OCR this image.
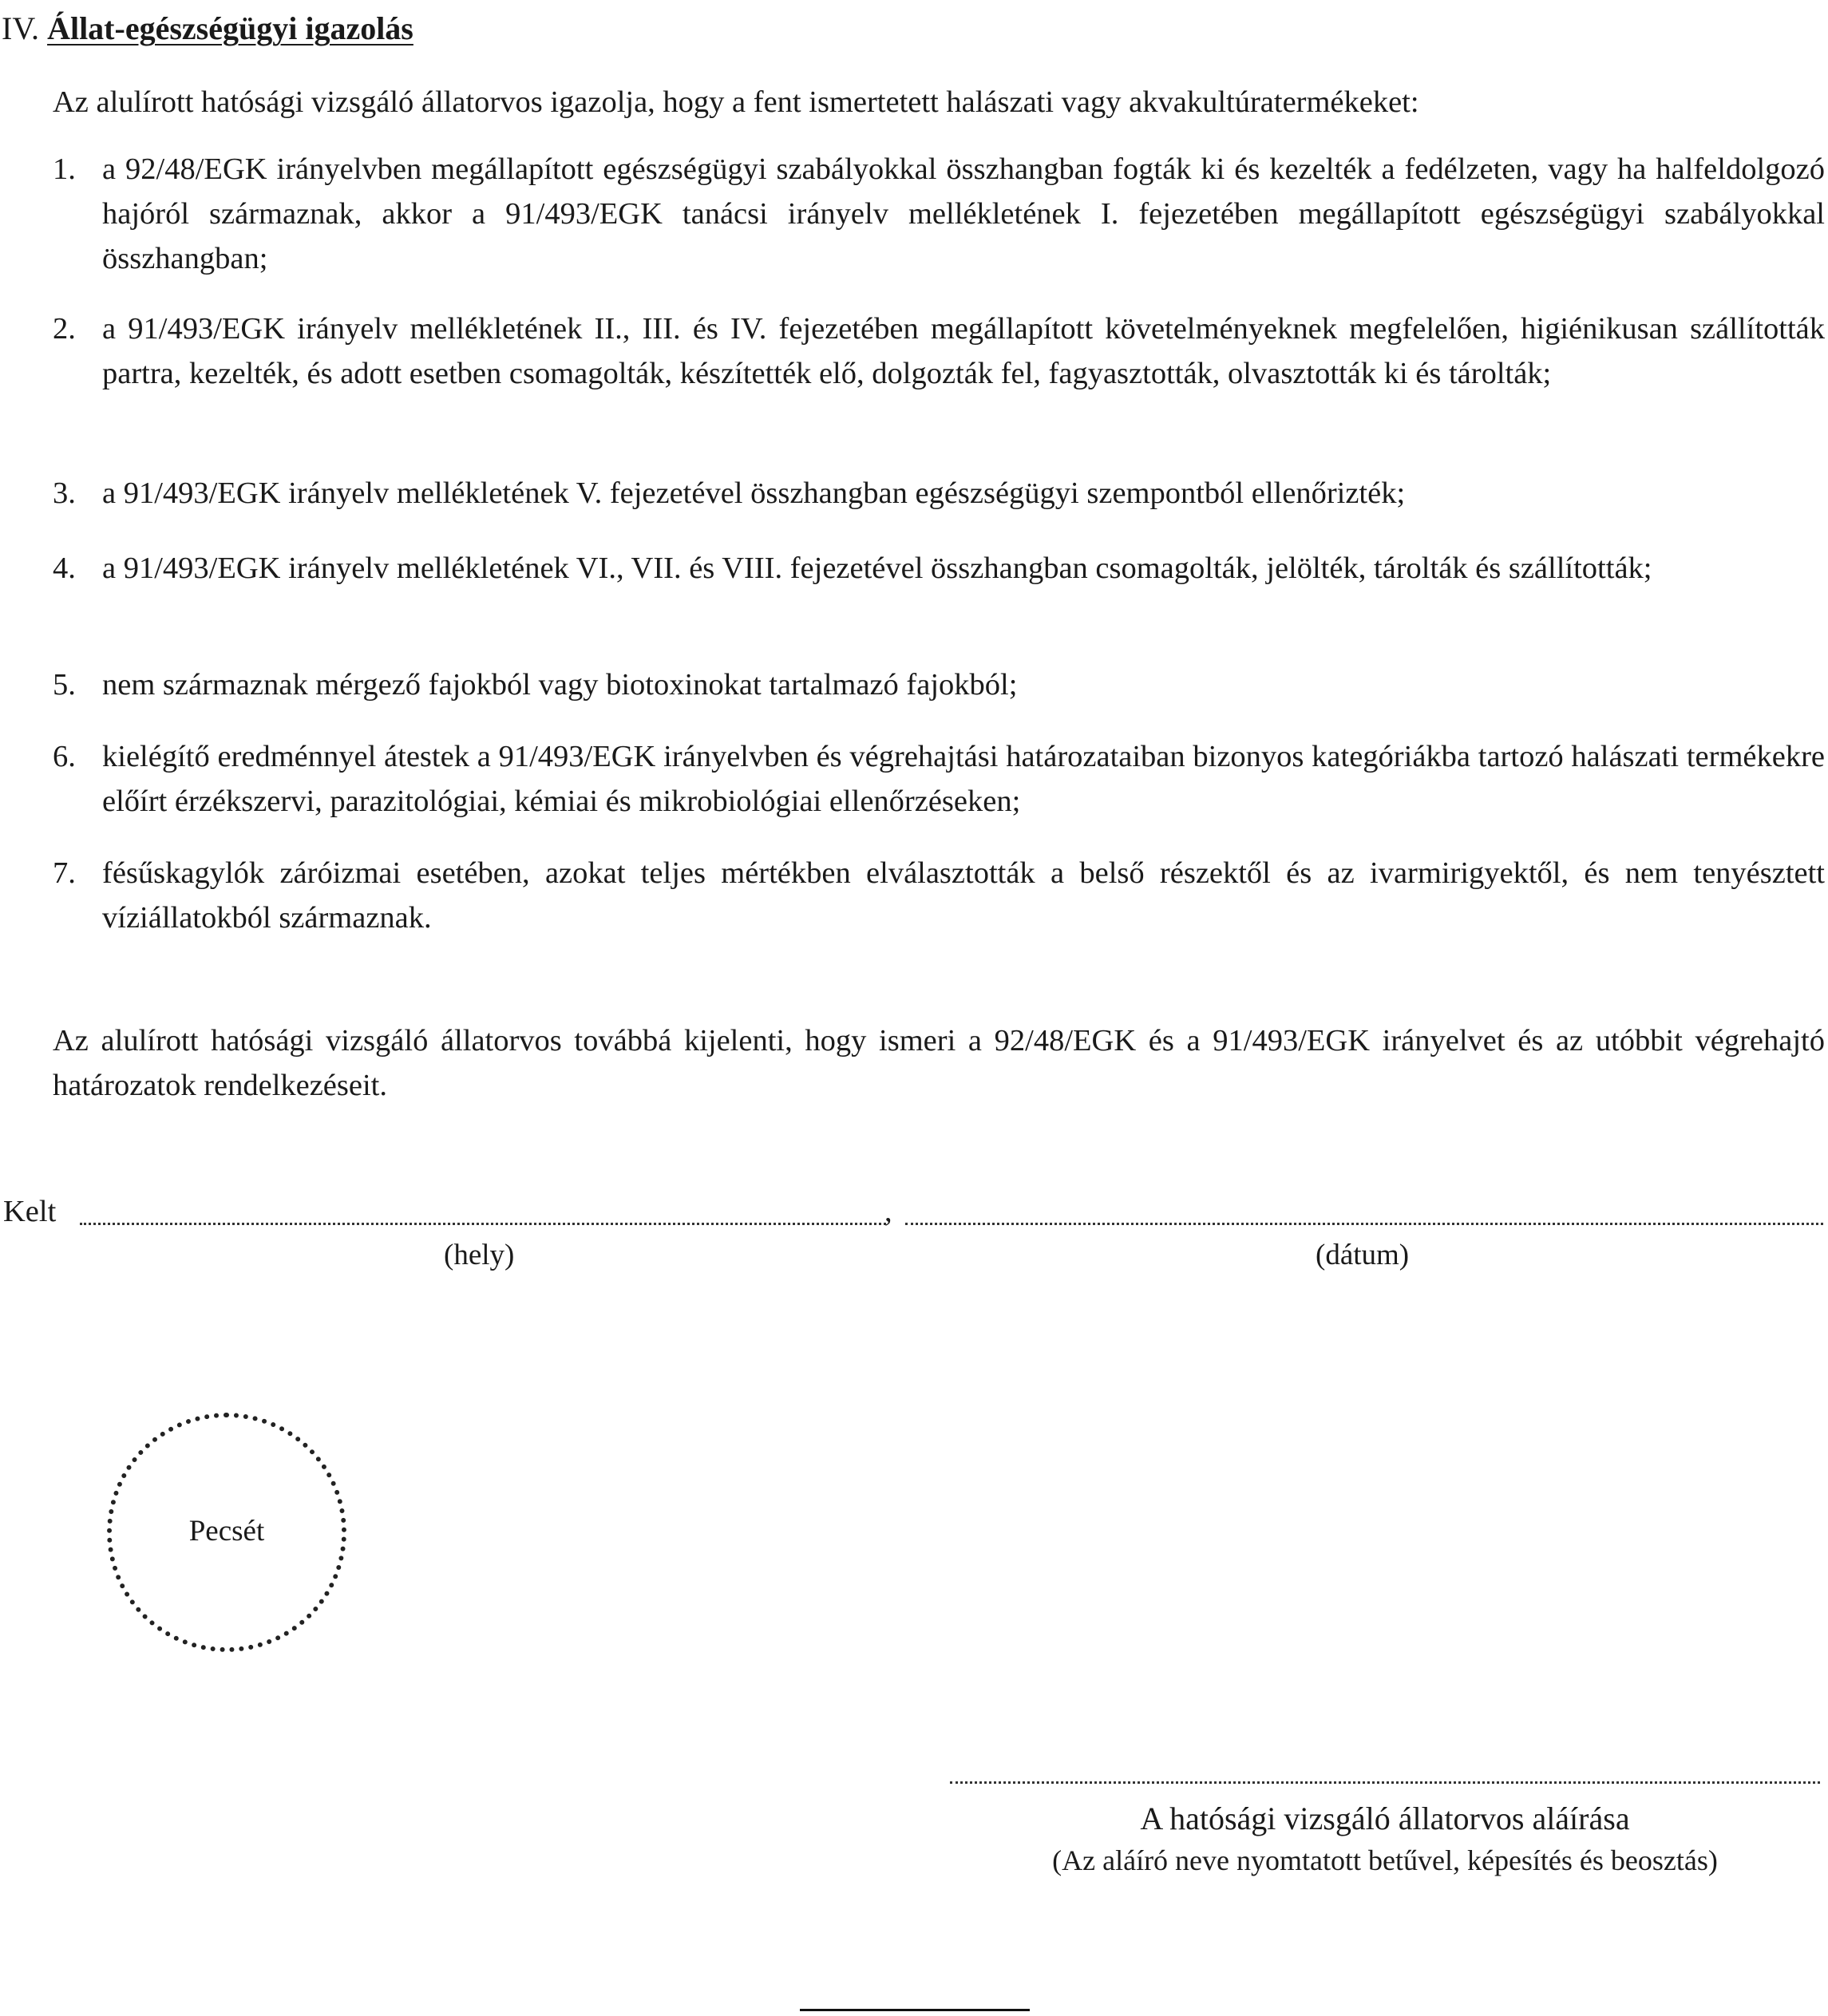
IV. Állat-egészségügyi igazolás
Az alulírott hatósági vizsgáló állatorvos igazolja, hogy a fent ismertetett halászati vagy akvakultúratermékeket:
1. a 92/48/EGK irányelvben megállapított egészségügyi szabályokkal összhangban fogták ki és kezelték a fedélzeten, vagy ha halfeldolgozó hajóról származnak, akkor a 91/493/EGK tanácsi irányelv mellékletének I. fejezetében megállapított egészségügyi szabályokkal összhangban;
2. a 91/493/EGK irányelv mellékletének II., III. és IV. fejezetében megállapított követelményeknek megfelelően, higiénikusan szállították partra, kezelték, és adott esetben csomagolták, készítették elő, dolgozták fel, fagyasztották, olvasztották ki és tárolták;
3. a 91/493/EGK irányelv mellékletének V. fejezetével összhangban egészségügyi szempontból ellenőrizték;
4. a 91/493/EGK irányelv mellékletének VI., VII. és VIII. fejezetével összhangban csomagolták, jelölték, tárolták és szállították;
5. nem származnak mérgező fajokból vagy biotoxinokat tartalmazó fajokból;
6. kielégítő eredménnyel átestek a 91/493/EGK irányelvben és végrehajtási határozataiban bizonyos kategóriákba tartozó halászati termékekre előírt érzékszervi, parazitológiai, kémiai és mikrobiológiai ellenőrzéseken;
7. fésűskagylók záróizmai esetében, azokat teljes mértékben elválasztották a belső részektől és az ivarmirigyektől, és nem tenyésztett víziállatokból származnak.
Az alulírott hatósági vizsgáló állatorvos továbbá kijelenti, hogy ismeri a 92/48/EGK és a 91/493/EGK irányelvet és az utóbbit végrehajtó határozatok rendelkezéseit.
Kelt	,
(hely)	(dátum)
Pecsét
A hatósági vizsgáló állatorvos aláírása
(Az aláíró neve nyomtatott betűvel, képesítés és beosztás)
